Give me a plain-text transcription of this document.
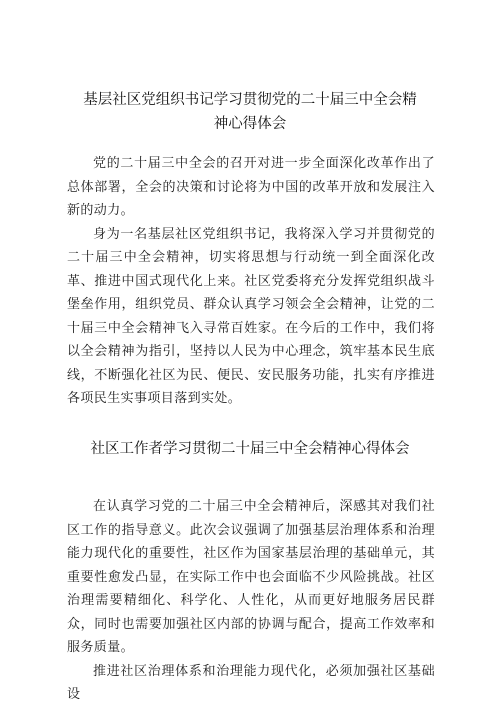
基层社区党组织书记学习贯彻党的二十届三中全会精
神心得体会

党的二十届三中全会的召开对进一步全面深化改革作出了总体部署，全会的决策和讨论将为中国的改革开放和发展注入新的动力。

身为一名基层社区党组织书记，我将深入学习并贯彻党的二十届三中全会精神，切实将思想与行动统一到全面深化改革、推进中国式现代化上来。社区党委将充分发挥党组织战斗堡垒作用，组织党员、群众认真学习领会全会精神，让党的二十届三中全会精神飞入寻常百姓家。在今后的工作中，我们将以全会精神为指引，坚持以人民为中心理念，筑牢基本民生底线，不断强化社区为民、便民、安民服务功能，扎实有序推进各项民生实事项目落到实处。

社区工作者学习贯彻二十届三中全会精神心得体会

在认真学习党的二十届三中全会精神后，深感其对我们社区工作的指导意义。此次会议强调了加强基层治理体系和治理能力现代化的重要性，社区作为国家基层治理的基础单元，其重要性愈发凸显，在实际工作中也会面临不少风险挑战。社区治理需要精细化、科学化、人性化，从而更好地服务居民群众，同时也需要加强社区内部的协调与配合，提高工作效率和服务质量。

推进社区治理体系和治理能力现代化，必须加强社区基础设
